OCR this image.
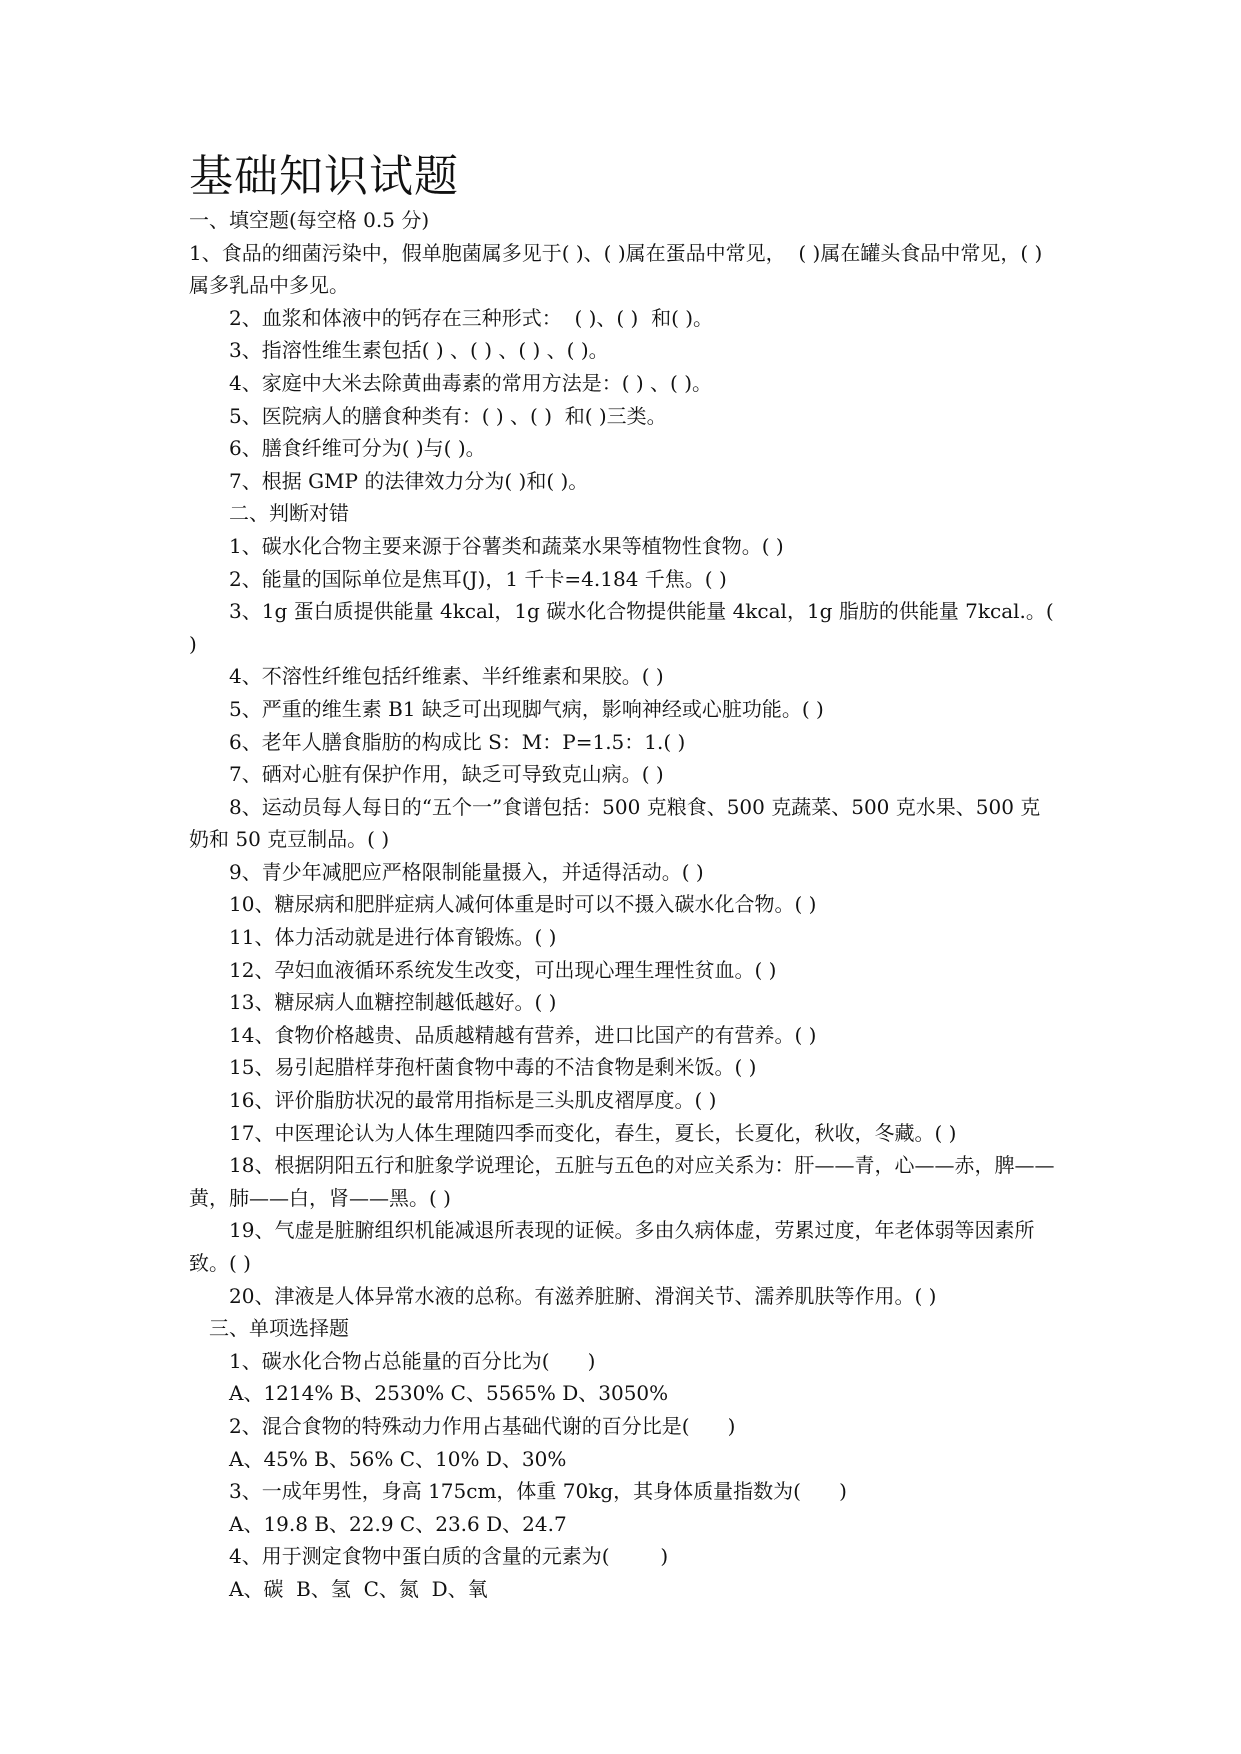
基础知识试题
一、填空题(每空格 0.5 分)
1、食品的细菌污染中，假单胞菌属多见于( )、( )属在蛋品中常见，  ( )属在罐头食品中常见，( )属多乳品中多见。
2、血浆和体液中的钙存在三种形式：  ( )、( )  和( )。
3、指溶性维生素包括( ) 、( ) 、( ) 、( )。
4、家庭中大米去除黄曲毒素的常用方法是：( ) 、( )。
5、医院病人的膳食种类有：( ) 、( )  和( )三类。
6、膳食纤维可分为( )与( )。
7、根据 GMP 的法律效力分为( )和( )。
二、判断对错
1、碳水化合物主要来源于谷薯类和蔬菜水果等植物性食物。( )
2、能量的国际单位是焦耳(J)，1 千卡=4.184 千焦。( )
3、1g 蛋白质提供能量 4kcal，1g 碳水化合物提供能量 4kcal，1g 脂肪的供能量 7kcal.。( )
4、不溶性纤维包括纤维素、半纤维素和果胶。( )
5、严重的维生素 B1 缺乏可出现脚气病，影响神经或心脏功能。( )
6、老年人膳食脂肪的构成比 S：M：P=1.5：1.( )
7、硒对心脏有保护作用，缺乏可导致克山病。( )
8、运动员每人每日的“五个一”食谱包括：500 克粮食、500 克蔬菜、500 克水果、500 克奶和 50 克豆制品。( )
9、青少年减肥应严格限制能量摄入，并适得活动。( )
10、糖尿病和肥胖症病人减何体重是时可以不摄入碳水化合物。( )
11、体力活动就是进行体育锻炼。( )
12、孕妇血液循环系统发生改变，可出现心理生理性贫血。( )
13、糖尿病人血糖控制越低越好。( )
14、食物价格越贵、品质越精越有营养，进口比国产的有营养。( )
15、易引起腊样芽孢杆菌食物中毒的不洁食物是剩米饭。( )
16、评价脂肪状况的最常用指标是三头肌皮褶厚度。( )
17、中医理论认为人体生理随四季而变化，春生，夏长，长夏化，秋收，冬藏。( )
18、根据阴阳五行和脏象学说理论，五脏与五色的对应关系为：肝——青，心——赤，脾——黄，肺——白，肾——黑。( )
19、气虚是脏腑组织机能减退所表现的证候。多由久病体虚，劳累过度，年老体弱等因素所致。( )
20、津液是人体异常水液的总称。有滋养脏腑、滑润关节、濡养肌肤等作用。( )
三、单项选择题
1、碳水化合物占总能量的百分比为(      )
A、1214% B、2530% C、5565% D、3050%
2、混合食物的特殊动力作用占基础代谢的百分比是(      )
A、45% B、56% C、10% D、30%
3、一成年男性，身高 175cm，体重 70kg，其身体质量指数为(      )
A、19.8 B、22.9 C、23.6 D、24.7
4、用于测定食物中蛋白质的含量的元素为(        )
A、碳  B、氢  C、氮  D、氧
